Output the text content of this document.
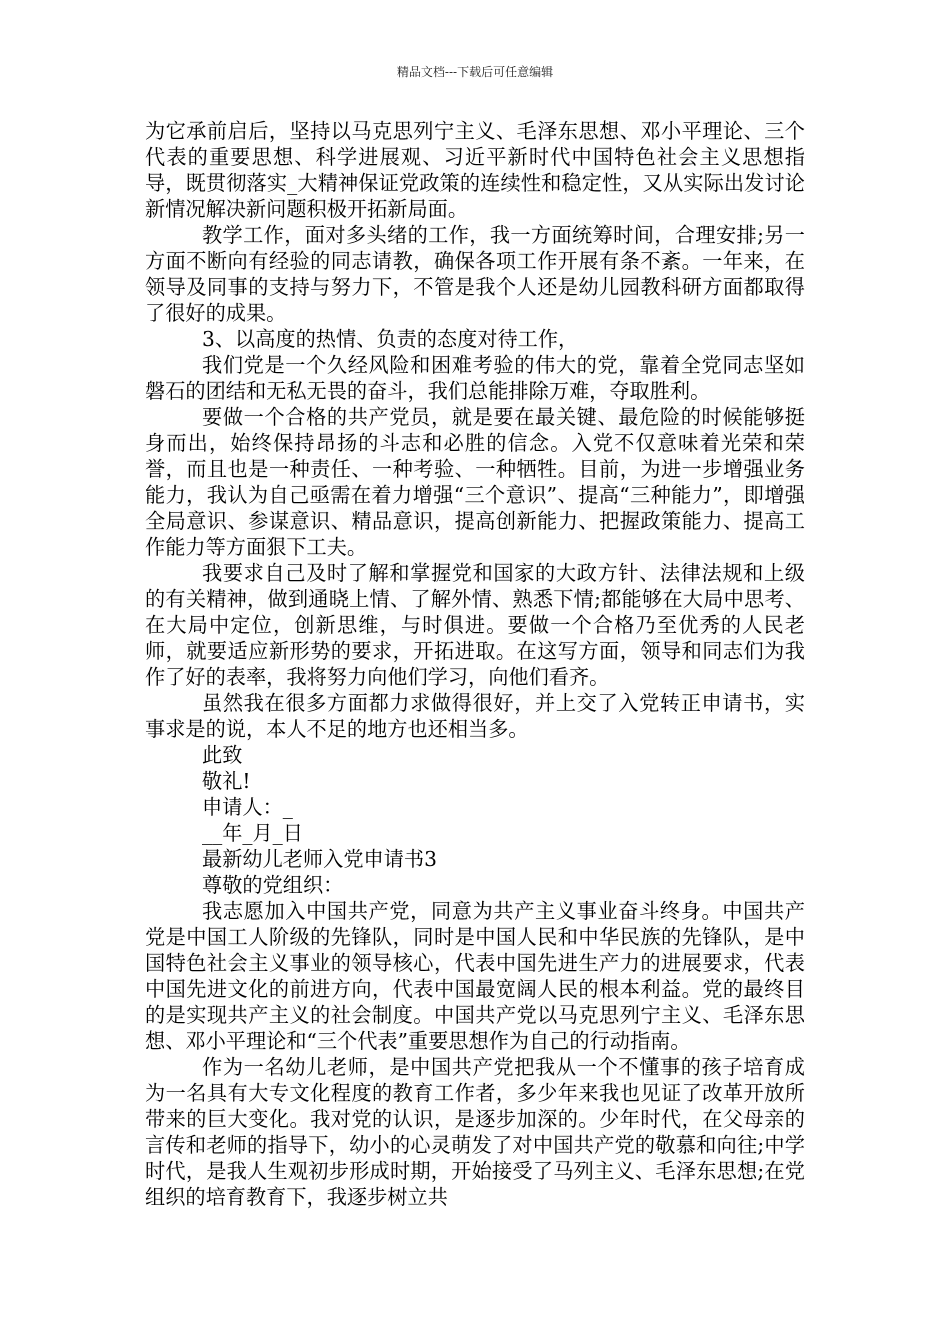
精品文档---下载后可任意编辑

为它承前启后，坚持以马克思列宁主义、毛泽东思想、邓小平理论、三个代表的重要思想、科学进展观、习近平新时代中国特色社会主义思想指导，既贯彻落实_大精神保证党政策的连续性和稳定性，又从实际出发讨论新情况解决新问题积极开拓新局面。

教学工作，面对多头绪的工作，我一方面统筹时间，合理安排;另一方面不断向有经验的同志请教，确保各项工作开展有条不紊。一年来，在领导及同事的支持与努力下，不管是我个人还是幼儿园教科研方面都取得了很好的成果。

3、以高度的热情、负责的态度对待工作，

我们党是一个久经风险和困难考验的伟大的党，靠着全党同志坚如磐石的团结和无私无畏的奋斗，我们总能排除万难，夺取胜利。

要做一个合格的共产党员，就是要在最关键、最危险的时候能够挺身而出，始终保持昂扬的斗志和必胜的信念。入党不仅意味着光荣和荣誉，而且也是一种责任、一种考验、一种牺牲。目前，为进一步增强业务能力，我认为自己亟需在着力增强“三个意识”、提高“三种能力”，即增强全局意识、参谋意识、精品意识，提高创新能力、把握政策能力、提高工作能力等方面狠下工夫。

我要求自己及时了解和掌握党和国家的大政方针、法律法规和上级的有关精神，做到通晓上情、了解外情、熟悉下情;都能够在大局中思考、在大局中定位，创新思维，与时俱进。要做一个合格乃至优秀的人民老师，就要适应新形势的要求，开拓进取。在这写方面，领导和同志们为我作了好的表率，我将努力向他们学习，向他们看齐。

虽然我在很多方面都力求做得很好，并上交了入党转正申请书，实事求是的说，本人不足的地方也还相当多。

此致

敬礼!

申请人：_

__年_月_日

最新幼儿老师入党申请书3

尊敬的党组织：

我志愿加入中国共产党，同意为共产主义事业奋斗终身。中国共产党是中国工人阶级的先锋队，同时是中国人民和中华民族的先锋队，是中国特色社会主义事业的领导核心，代表中国先进生产力的进展要求，代表中国先进文化的前进方向，代表中国最宽阔人民的根本利益。党的最终目的是实现共产主义的社会制度。中国共产党以马克思列宁主义、毛泽东思想、邓小平理论和“三个代表”重要思想作为自己的行动指南。

作为一名幼儿老师，是中国共产党把我从一个不懂事的孩子培育成为一名具有大专文化程度的教育工作者，多少年来我也见证了改革开放所带来的巨大变化。我对党的认识，是逐步加深的。少年时代，在父母亲的言传和老师的指导下，幼小的心灵萌发了对中国共产党的敬慕和向往;中学时代，是我人生观初步形成时期，开始接受了马列主义、毛泽东思想;在党组织的培育教育下，我逐步树立共
